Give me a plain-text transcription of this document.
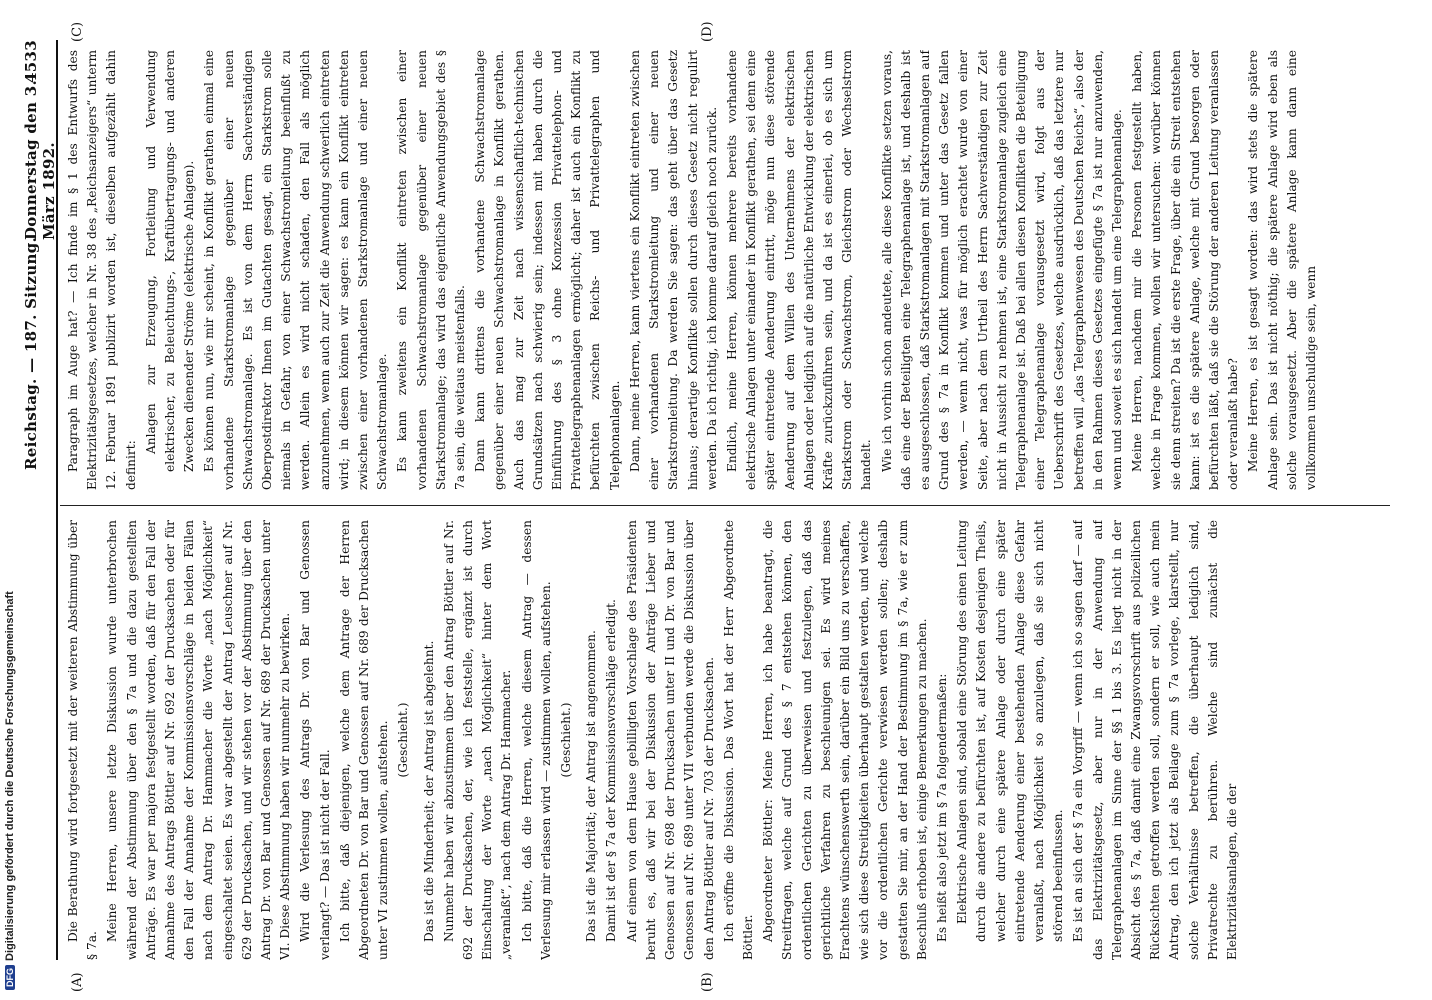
Reichstag. — 187. Sitzung.
Donnerstag den 3. März 1892.
4533
(A)	(B)
(C)	(D)

Die Berathung wird fortgesetzt mit der weiteren Abstimmung über § 7a.

Meine Herren, unsere letzte Diskussion wurde unterbrochen während der Abstimmung über den § 7a und die dazu gestellten Anträge. Es war per majora festgestellt worden, daß für den Fall der Annahme des Antrags Böttler auf Nr. 692 der Drucksachen oder für den Fall der Annahme der Kommissionsvorschläge in beiden Fällen nach dem Antrag Dr. Hammacher die Worte „nach Möglichkeit“ eingeschaltet seien. Es war abgestellt der Antrag Leuschner auf Nr. 629 der Drucksachen, und wir stehen vor der Abstimmung über den Antrag Dr. von Bar und Genossen auf Nr. 689 der Drucksachen unter VI. Diese Abstimmung haben wir nunmehr zu bewirken. Wird die Verlesung des Antrags Dr. von Bar und Genossen verlangt? — Das ist nicht der Fall. Ich bitte, daß diejenigen, welche dem Antrage der Herren Abgeordneten Dr. von Bar und Genossen auf Nr. 689 der Drucksachen unter VI zustimmen wollen, aufstehen. (Geschieht.) Das ist die Minderheit; der Antrag ist abgelehnt. Nunmehr haben wir abzustimmen über den Antrag Böttler auf Nr. 692 der Drucksachen, der, wie ich feststelle, ergänzt ist durch Einschaltung der Worte „nach Möglichkeit“ hinter dem Wort „veranlaßt“, nach dem Antrag Dr. Hammacher. Ich bitte, daß die Herren, welche diesem Antrag — dessen Verlesung mir erlassen wird — zustimmen wollen, aufstehen. (Geschieht.) Das ist die Majorität; der Antrag ist angenommen. Damit ist der § 7a der Kommissionsvorschläge erledigt. Auf einem von dem Hause gebilligten Vorschlage des Präsidenten beruht es, daß wir bei der Diskussion der Anträge Lieber und Genossen auf Nr. 698 der Drucksachen unter II und Dr. von Bar und Genossen auf Nr. 689 unter VII verbunden werde die Diskussion über den Antrag Böttler auf Nr. 703 der Drucksachen. Ich eröffne die Diskussion. Das Wort hat der Herr Abgeordnete Böttler. Abgeordneter Böttler: Meine Herren, ich habe beantragt, die Streitfragen, welche auf Grund des § 7 entstehen können, den ordentlichen Gerichten zu überweisen und festzulegen, daß das gerichtliche Verfahren zu beschleunigen sei. Es wird meines Erachtens wünschenswerth sein, darüber ein Bild uns zu verschaffen, wie sich diese Streitigkeiten überhaupt gestalten werden, und welche vor die ordentlichen Gerichte verwiesen werden sollen; deshalb gestatten Sie mir, an der Hand der Bestimmung im § 7a, wie er zum Beschluß erhoben ist, einige Bemerkungen zu machen. Es heißt also jetzt im § 7a folgendermaßen: Elektrische Anlagen sind, sobald eine Störung des einen Leitung durch die andere zu befürchten ist, auf Kosten desjenigen Theils, welcher durch eine spätere Anlage oder durch eine später eintretende Aenderung einer bestehenden Anlage diese Gefahr veranlaßt, nach Möglichkeit so anzulegen, daß sie sich nicht störend beeinflussen. Es ist an sich der § 7a ein Vorgriff — wenn ich so sagen darf — auf das Elektrizitätsgesetz, aber nur in der Anwendung auf Telegraphenanlagen im Sinne der §§ 1 bis 3. Es liegt nicht in der Absicht des § 7a, daß damit eine Zwangsvorschrift aus polizeilichen Rücksichten getroffen werden soll, sondern er soll, wie auch mein Antrag, den ich jetzt als Beilage zum § 7a vorlege, klarstellt, nur solche Verhältnisse betreffen, die überhaupt lediglich sind, Privatrechte zu berühren. Welche sind zunächst die Elektrizitätsanlagen, die der

Paragraph im Auge hat? — Ich finde im § 1 des Entwurfs des Elektrizitätsgesetzes, welcher in Nr. 38 des „Reichsanzeigers“ unterm 12. Februar 1891 publizirt worden ist, dieselben aufgezählt dahin definirt:

Anlagen zur Erzeugung, Fortleitung und Verwendung elektrischer, zu Beleuchtungs-, Kraftübertragungs- und anderen Zwecken dienender Ströme (elektrische Anlagen). Es können nun, wie mir scheint, in Konflikt gerathen einmal eine vorhandene Starkstromanlage gegenüber einer neuen Schwachstromanlage. Es ist von dem Herrn Sachverständigen Oberpostdirektor Ihnen im Gutachten gesagt, ein Starkstrom solle niemals in Gefahr, von einer Schwachstromleitung beeinflußt zu werden. Allein es wird nicht schaden, den Fall als möglich anzunehmen, wenn auch zur Zeit die Anwendung schwerlich eintreten wird; in diesem können wir sagen: es kann ein Konflikt eintreten zwischen einer vorhandenen Starkstromanlage und einer neuen Schwachstromanlage. Es kann zweitens ein Konflikt eintreten zwischen einer vorhandenen Schwachstromanlage gegenüber einer neuen Starkstromanlage; das wird das eigentliche Anwendungsgebiet des § 7a sein, die weitaus meistenfalls. Dann kann drittens die vorhandene Schwachstromanlage gegenüber einer neuen Schwachstromanlage in Konflikt gerathen. Auch das mag zur Zeit nach wissenschaftlich-technischen Grundsätzen nach schwierig sein; indessen mit haben durch die Einführung des § 3 ohne Konzession Privattelephon- und Privattelegraphenanlagen ermöglicht; daher ist auch ein Konflikt zu befürchten zwischen Reichs- und Privattelegraphen und Telephonanlagen. Dann, meine Herren, kann viertens ein Konflikt eintreten zwischen einer vorhandenen Starkstromleitung und einer neuen Starkstromleitung. Da werden Sie sagen: das geht über das Gesetz hinaus; derartige Konflikte sollen durch dieses Gesetz nicht regulirt werden. Da ich richtig, ich komme darauf gleich noch zurück. Endlich, meine Herren, können mehrere bereits vorhandene elektrische Anlagen unter einander in Konflikt gerathen, sei denn eine später eintretende Aenderung eintritt, möge nun diese störende Aenderung auf dem Willen des Unternehmens der elektrischen Anlagen oder lediglich auf die natürliche Entwicklung der elektrischen Kräfte zurückzuführen sein, und da ist es einerlei, ob es sich um Starkstrom oder Schwachstrom, Gleichstrom oder Wechselstrom handelt. Wie ich vorhin schon andeutete, alle diese Konflikte setzen voraus, daß eine der Beteiligten eine Telegraphenanlage ist, und deshalb ist es ausgeschlossen, daß Starkstromanlagen mit Starkstromanlagen auf Grund des § 7a in Konflikt kommen und unter das Gesetz fallen werden, — wenn nicht, was für möglich erachtet wurde von einer Seite, aber nach dem Urtheil des Herrn Sachverständigen zur Zeit nicht in Aussicht zu nehmen ist, eine Starkstromanlage zugleich eine Telegraphenanlage ist. Daß bei allen diesen Konflikten die Beteiligung einer Telegraphenanlage vorausgesetzt wird, folgt aus der Ueberschrift des Gesetzes, welche ausdrücklich, daß das letztere nur betreffen will „das Telegraphenwesen des Deutschen Reichs“, also der in den Rahmen dieses Gesetzes eingefügte § 7a ist nur anzuwenden, wenn und soweit es sich handelt um eine Telegraphenanlage. Meine Herren, nachdem mir die Personen festgestellt haben, welche in Frage kommen, wollen wir untersuchen: worüber können sie denn streiten? Da ist die erste Frage, über die ein Streit entstehen kann: ist es die spätere Anlage, welche mit Grund besorgen oder befürchten läßt, daß sie die Störung der anderen Leitung veranlassen oder veranlaßt habe? Meine Herren, es ist gesagt worden: das wird stets die spätere Anlage sein. Das ist nicht nöthig; die spätere Anlage wird eben als solche vorausgesetzt. Aber die spätere Anlage kann dann eine vollkommen unschuldige sein, wenn

DFGDigitalisierung gefördert durch die Deutsche Forschungsgemeinschaft
